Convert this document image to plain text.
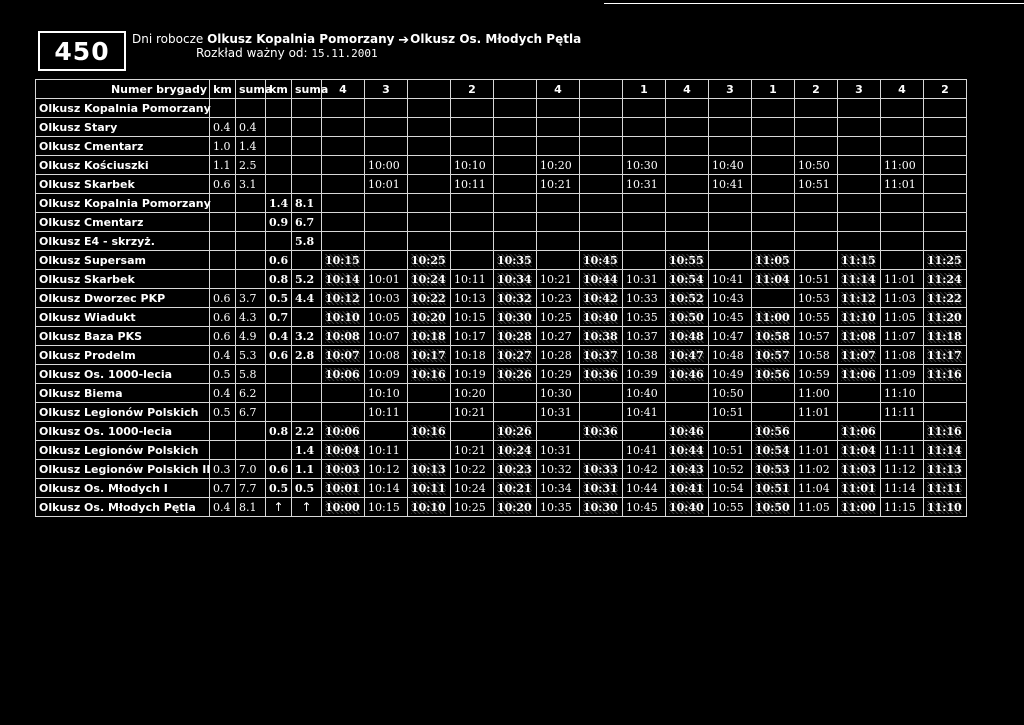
450 Dni robocze Olkusz Kopalnia Pomorzany ➔Olkusz Os. Młodych Pętla
Rozkład ważny od: 15.11.2001
Numer brygady	km	suma	km	suma	4	3		2		4		1	4	3	1	2	3	4	2
Olkusz Kopalnia Pomorzany																			
Olkusz Stary	0.4	0.4																	
Olkusz Cmentarz	1.0	1.4																	
Olkusz Kościuszki	1.1	2.5				10:00		10:10		10:20		10:30		10:40		10:50		11:00	
Olkusz Skarbek	0.6	3.1				10:01		10:11		10:21		10:31		10:41		10:51		11:01	
Olkusz Kopalnia Pomorzany			1.4	8.1															
Olkusz Cmentarz			0.9	6.7															
Olkusz E4 - skrzyż.				5.8															
Olkusz Supersam			0.6		10:15		10:25		10:35		10:45		10:55		11:05		11:15		11:25
Olkusz Skarbek			0.8	5.2	10:14	10:01	10:24	10:11	10:34	10:21	10:44	10:31	10:54	10:41	11:04	10:51	11:14	11:01	11:24
Olkusz Dworzec PKP	0.6	3.7	0.5	4.4	10:12	10:03	10:22	10:13	10:32	10:23	10:42	10:33	10:52	10:43		10:53	11:12	11:03	11:22
Olkusz Wiadukt	0.6	4.3	0.7		10:10	10:05	10:20	10:15	10:30	10:25	10:40	10:35	10:50	10:45	11:00	10:55	11:10	11:05	11:20
Olkusz Baza PKS	0.6	4.9	0.4	3.2	10:08	10:07	10:18	10:17	10:28	10:27	10:38	10:37	10:48	10:47	10:58	10:57	11:08	11:07	11:18
Olkusz Prodelm	0.4	5.3	0.6	2.8	10:07	10:08	10:17	10:18	10:27	10:28	10:37	10:38	10:47	10:48	10:57	10:58	11:07	11:08	11:17
Olkusz Os. 1000-lecia	0.5	5.8			10:06	10:09	10:16	10:19	10:26	10:29	10:36	10:39	10:46	10:49	10:56	10:59	11:06	11:09	11:16
Olkusz Biema	0.4	6.2				10:10		10:20		10:30		10:40		10:50		11:00		11:10	
Olkusz Legionów Polskich	0.5	6.7				10:11		10:21		10:31		10:41		10:51		11:01		11:11	
Olkusz Os. 1000-lecia			0.8	2.2	10:06		10:16		10:26		10:36		10:46		10:56		11:06		11:16
Olkusz Legionów Polskich				1.4	10:04	10:11		10:21	10:24	10:31		10:41	10:44	10:51	10:54	11:01	11:04	11:11	11:14
Olkusz Legionów Polskich II	0.3	7.0	0.6	1.1	10:03	10:12	10:13	10:22	10:23	10:32	10:33	10:42	10:43	10:52	10:53	11:02	11:03	11:12	11:13
Olkusz Os. Młodych I	0.7	7.7	0.5	0.5	10:01	10:14	10:11	10:24	10:21	10:34	10:31	10:44	10:41	10:54	10:51	11:04	11:01	11:14	11:11
Olkusz Os. Młodych Pętla	0.4	8.1	↑	↑	10:00	10:15	10:10	10:25	10:20	10:35	10:30	10:45	10:40	10:55	10:50	11:05	11:00	11:15	11:10
